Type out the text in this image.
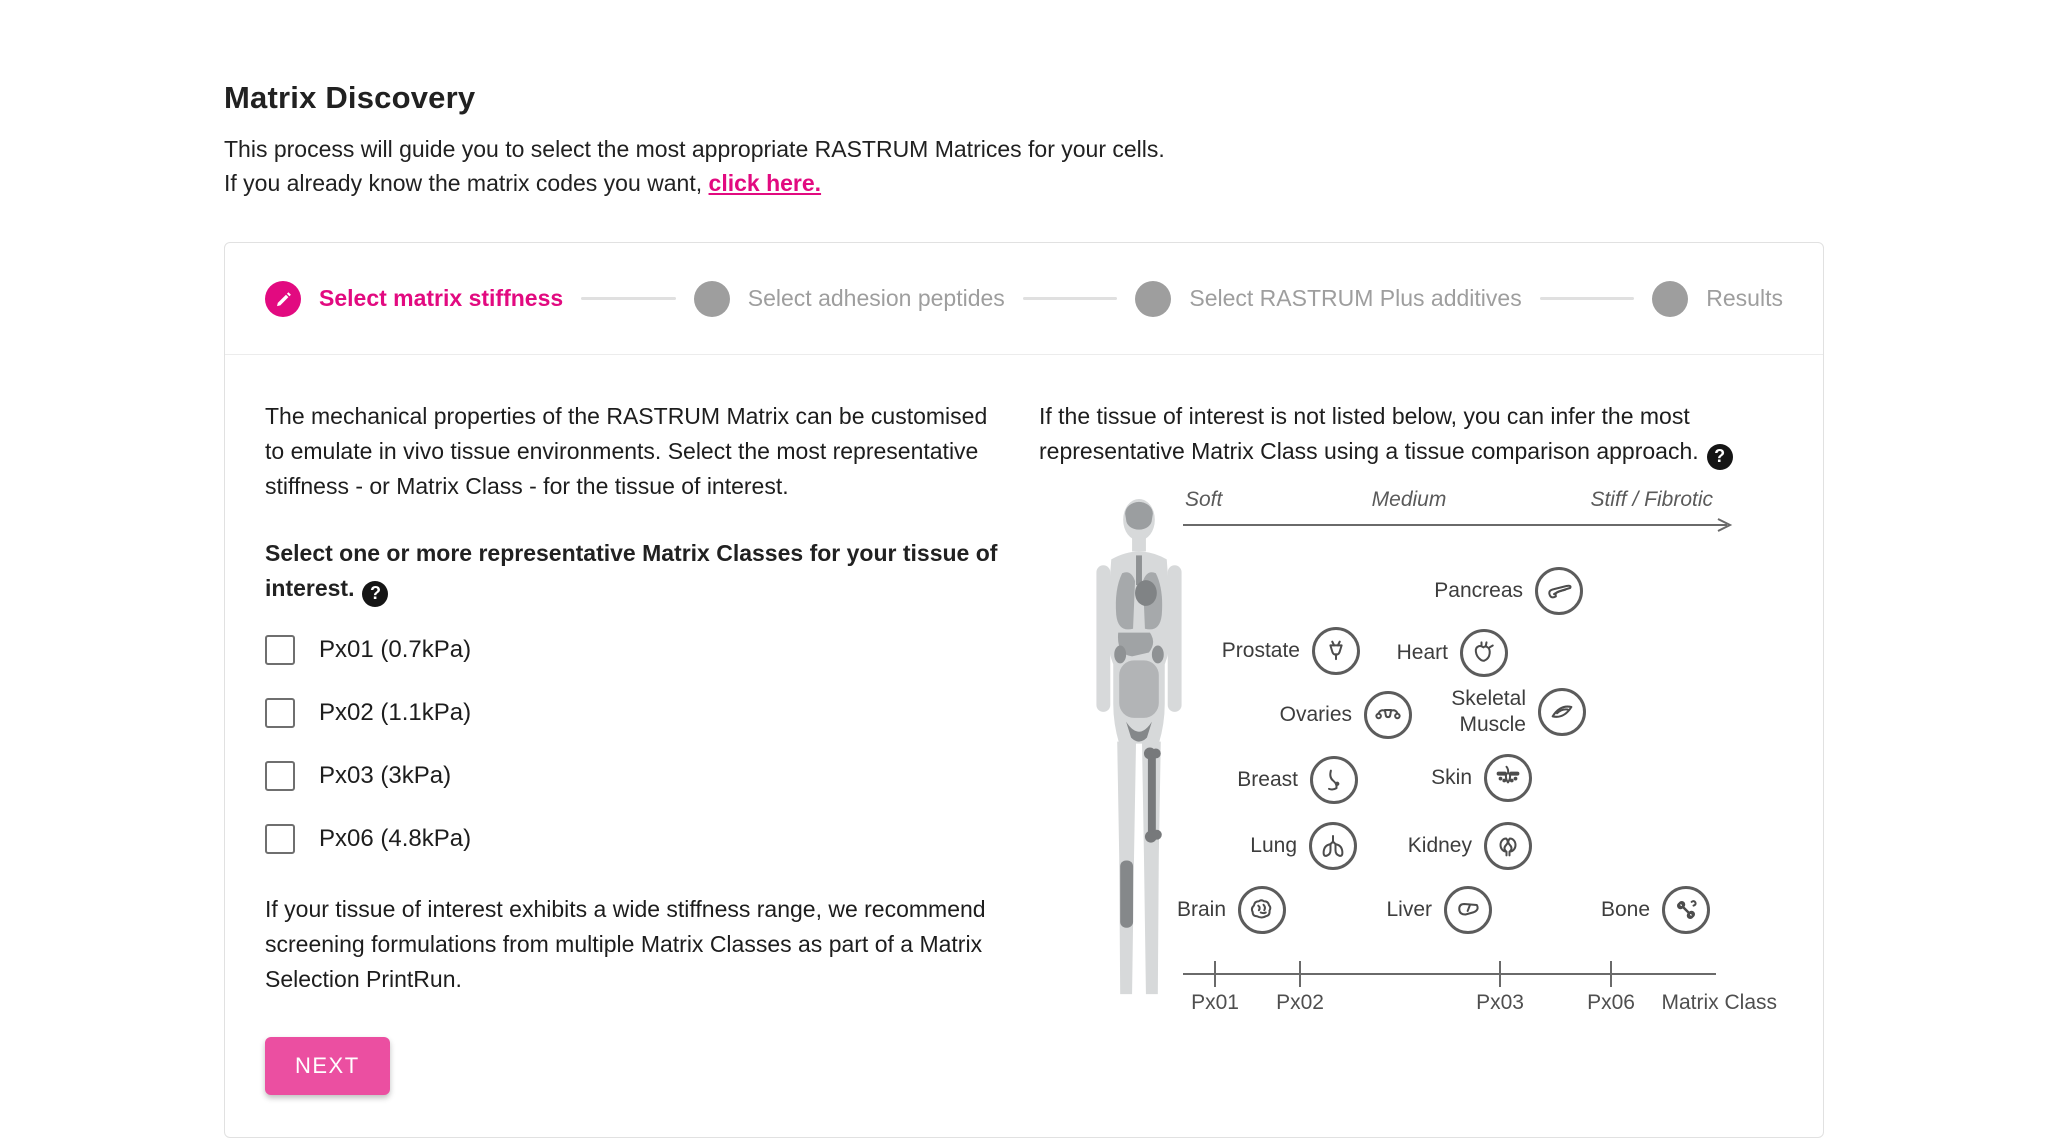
Matrix Discovery

This process will guide you to select the most appropriate RASTRUM Matrices for your cells.

If you already know the matrix codes you want, click here.

Select matrix stiffness	Select adhesion peptides	Select RASTRUM Plus additives	Results

The mechanical properties of the RASTRUM Matrix can be customised to emulate in vivo tissue environments. Select the most representative stiffness - or Matrix Class - for the tissue of interest.

Select one or more representative Matrix Classes for your tissue of interest. ?

Px01 (0.7kPa)
Px02 (1.1kPa)
Px03 (3kPa)
Px06 (4.8kPa)

If your tissue of interest exhibits a wide stiffness range, we recommend screening formulations from multiple Matrix Classes as part of a Matrix Selection PrintRun.

NEXT

If the tissue of interest is not listed below, you can infer the most representative Matrix Class using a tissue comparison approach. ?

Soft	Medium	Stiff / Fibrotic
Pancreas
Prostate	Heart
Ovaries
Skeletal Muscle
Breast	Skin
Lung	Kidney
Brain	Liver	Bone
Px01	Px02	Px03	Px06	Matrix Class
